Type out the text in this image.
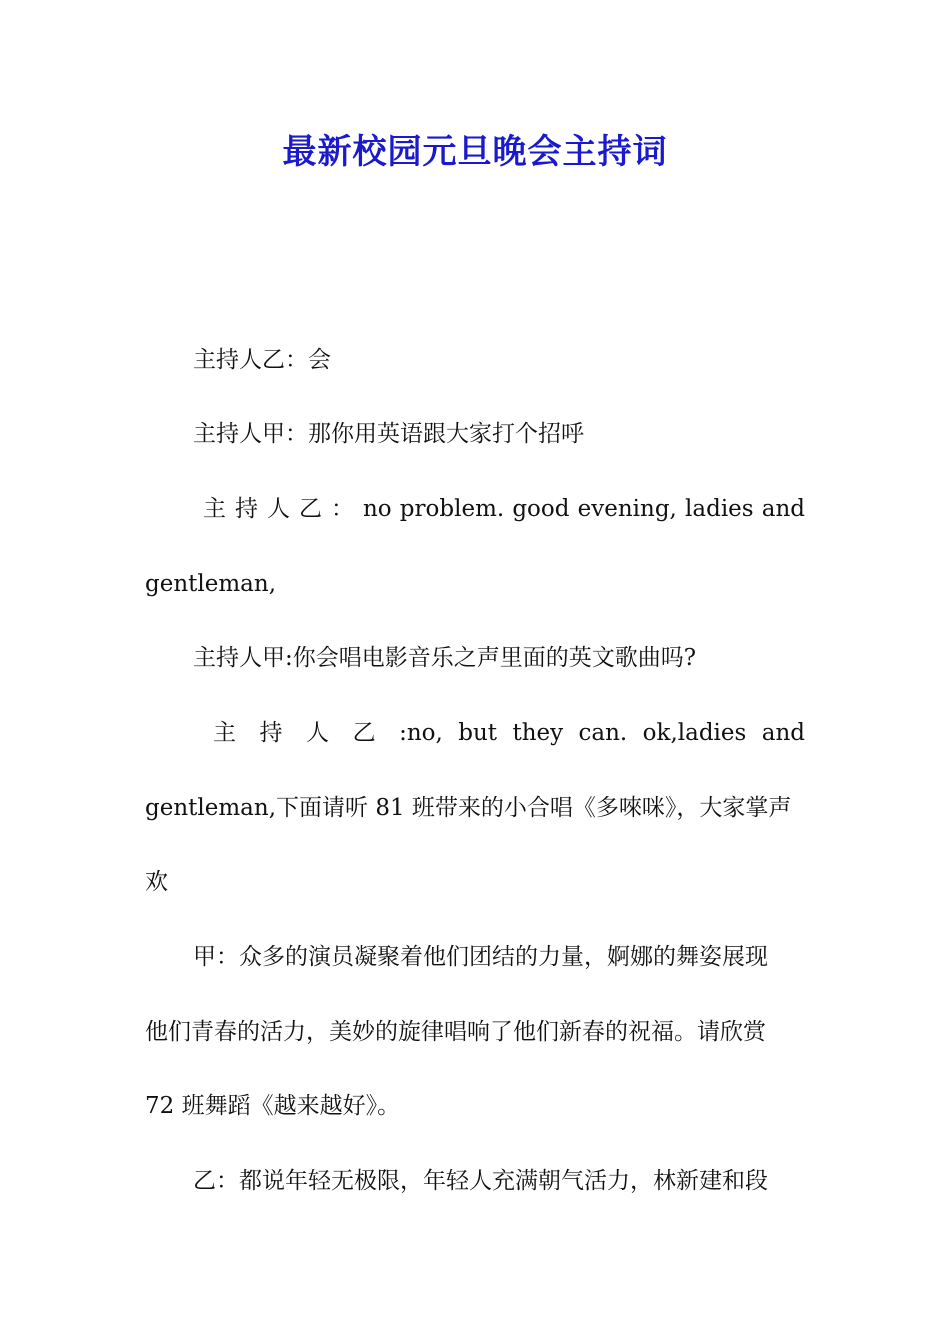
最新校园元旦晚会主持词
主持人乙：会
主持人甲：那你用英语跟大家打个招呼
主 持 人 乙 ： no problem. good evening, ladies and
gentleman,
主持人甲:你会唱电影音乐之声里面的英文歌曲吗?
主 持 人 乙 :no, but they can. ok,ladies and
gentleman,下面请听 81 班带来的小合唱《多唻咪》，大家掌声
欢
甲：众多的演员凝聚着他们团结的力量，婀娜的舞姿展现
他们青春的活力，美妙的旋律唱响了他们新春的祝福。请欣赏
72 班舞蹈《越来越好》。
乙：都说年轻无极限，年轻人充满朝气活力，林新建和段
